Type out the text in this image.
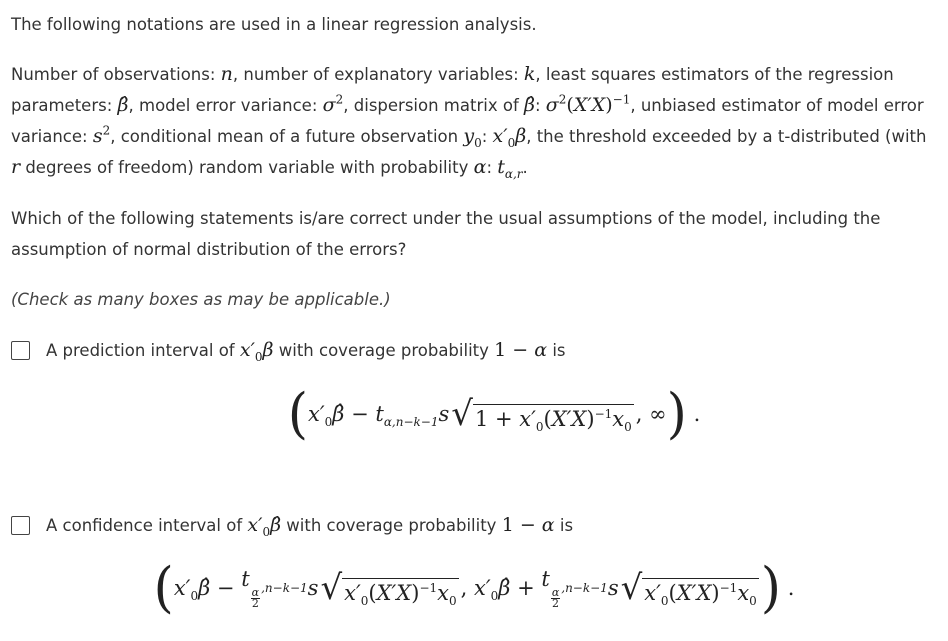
The following notations are used in a linear regression analysis.

Number of observations: n, number of explanatory variables: k, least squares estimators of the regression parameters: β̂, model error variance: $\sigma^2$, dispersion matrix of β̂: $\sigma^2(X'X)^{-1}$, unbiased estimator of model error variance: $s^2$, conditional mean of a future observation $y_0$: $x'_0\beta$, the threshold exceeded by a t-distributed (with r degrees of freedom) random variable with probability α: $t_{\alpha,r}$.

Which of the following statements is/are correct under the usual assumptions of the model, including the assumption of normal distribution of the errors?

(Check as many boxes as may be applicable.)

A prediction interval of $x'_0\beta$ with coverage probability 1 − α is
( $x'_0\betâ - t_{\alpha,n-k-1}$ s √ $1 + x'_0(X'X)^{-1}x_0$
, ∞ ) .
A confidence interval of $x'_0\betâ$ with coverage probability 1 − α is
( $x'_0\betâ - t$
$_{\frac{\alpha}{2} ,n-k-1}$ s √ $x'_0(X'X)^{-1}x_0$
, $x'_0\betâ + t$
$_{\frac{\alpha}{2} ,n-k-1}$ s √ $x'_0(X'X)^{-1}x_0$ ) .
